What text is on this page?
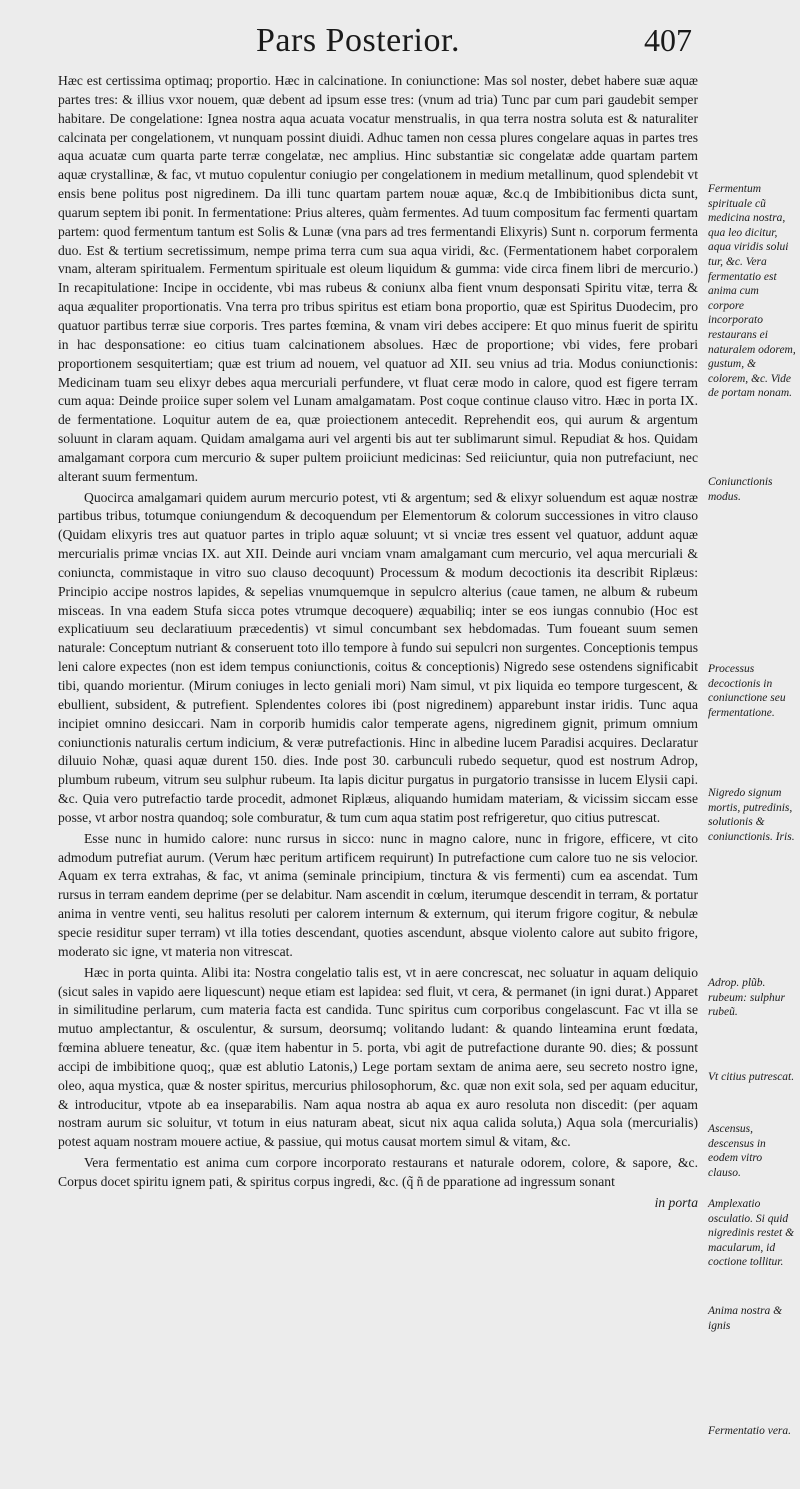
Pars Posterior.	407

Hæc est certissima optimaq; proportio. Hæc in calcinatione. In coniunctione: Mas sol noster, debet habere suæ aquæ partes tres: & illius vxor nouem, quæ debent ad ipsum esse tres: (vnum ad tria) Tunc par cum pari gaudebit semper habitare. De congelatione: Ignea nostra aqua acuata vocatur menstrualis, in qua terra nostra soluta est & naturaliter calcinata per congelationem, vt nunquam possint diuidi. Adhuc tamen non cessa plures congelare aquas in partes tres aqua acuatæ cum quarta parte terræ congelatæ, nec amplius. Hinc substantiæ sic congelatæ adde quartam partem aquæ crystallinæ, & fac, vt mutuo copulentur coniugio per congelationem in medium metallinum, quod splendebit vt ensis bene politus post nigredinem. Da illi tunc quartam partem nouæ aquæ, &c.q de Imbibitionibus dicta sunt, quarum septem ibi ponit. In fermentatione: Prius alteres, quàm fermentes. Ad tuum compositum fac fermenti quartam partem: quod fermentum tantum est Solis & Lunæ (vna pars ad tres fermentandi Elixyris) Sunt n. corporum fermenta duo. Est & tertium secretissimum, nempe prima terra cum sua aqua viridi, &c. (Fermentationem habet corporalem vnam, alteram spiritualem. Fermentum spirituale est oleum liquidum & gumma: vide circa finem libri de mercurio.) In recapitulatione: Incipe in occidente, vbi mas rubeus & coniunx alba fient vnum desponsati Spiritu vitæ, terra & aqua æqualiter proportionatis. Vna terra pro tribus spiritus est etiam bona proportio, quæ est Spiritus Duodecim, pro quatuor partibus terræ siue corporis. Tres partes fœmina, & vnam viri debes accipere: Et quo minus fuerit de spiritu in hac desponsatione: eo citius tuam calcinationem absolues. Hæc de proportione; vbi vides, fere probari proportionem sesquitertiam; quæ est trium ad nouem, vel quatuor ad XII. seu vnius ad tria. Modus coniunctionis: Medicinam tuam seu elixyr debes aqua mercuriali perfundere, vt fluat ceræ modo in calore, quod est figere terram cum aqua: Deinde proiice super solem vel Lunam amalgamatam. Post coque continue clauso vitro. Hæc in porta IX. de fermentatione. Loquitur autem de ea, quæ proiectionem antecedit. Reprehendit eos, qui aurum & argentum soluunt in claram aquam. Quidam amalgama auri vel argenti bis aut ter sublimarunt simul. Repudiat & hos. Quidam amalgamant corpora cum mercurio & super pultem proiiciunt medicinas: Sed reiiciuntur, quia non putrefaciunt, nec alterant suum fermentum.

Quocirca amalgamari quidem aurum mercurio potest, vti & argentum; sed & elixyr soluendum est aquæ nostræ partibus tribus, totumque coniungendum & decoquendum per Elementorum & colorum successiones in vitro clauso (Quidam elixyris tres aut quatuor partes in triplo aquæ soluunt; vt si vnciæ tres essent vel quatuor, addunt aquæ mercurialis primæ vncias IX. aut XII. Deinde auri vnciam vnam amalgamant cum mercurio, vel aqua mercuriali & coniuncta, commistaque in vitro suo clauso decoquunt) Processum & modum decoctionis ita describit Riplæus: Principio accipe nostros lapides, & sepelias vnumquemque in sepulcro alterius (caue tamen, ne album & rubeum misceas. In vna eadem Stufa sicca potes vtrumque decoquere) æquabiliq; inter se eos iungas connubio (Hoc est explicatiuum seu declaratiuum præcedentis) vt simul concumbant sex hebdomadas. Tum foueant suum semen naturale: Conceptum nutriant & conseruent toto illo tempore à fundo sui sepulcri non surgentes. Conceptionis tempus leni calore expectes (non est idem tempus coniunctionis, coitus & conceptionis) Nigredo sese ostendens significabit tibi, quando morientur. (Mirum coniuges in lecto geniali mori) Nam simul, vt pix liquida eo tempore turgescent, & ebullient, subsident, & putrefient. Splendentes colores ibi (post nigredinem) apparebunt instar iridis. Tunc aqua incipiet omnino desiccari. Nam in corporib humidis calor temperate agens, nigredinem gignit, primum omnium coniunctionis naturalis certum indicium, & veræ putrefactionis. Hinc in albedine lucem Paradisi acquires. Declaratur diluuio Nohæ, quasi aquæ durent 150. dies. Inde post 30. carbunculi rubedo sequetur, quod est nostrum Adrop, plumbum rubeum, vitrum seu sulphur rubeum. Ita lapis dicitur purgatus in purgatorio transisse in lucem Elysii capi. &c. Quia vero putrefactio tarde procedit, admonet Riplæus, aliquando humidam materiam, & vicissim siccam esse posse, vt arbor nostra quandoq; sole comburatur, & tum cum aqua statim post refrigeretur, quo citius putrescat.

Esse nunc in humido calore: nunc rursus in sicco: nunc in magno calore, nunc in frigore, efficere, vt cito admodum putrefiat aurum. (Verum hæc peritum artificem requirunt) In putrefactione cum calore tuo ne sis velocior. Aquam ex terra extrahas, & fac, vt anima (seminale principium, tinctura & vis fermenti) cum ea ascendat. Tum rursus in terram eandem deprime (per se delabitur. Nam ascendit in cœlum, iterumque descendit in terram, & portatur anima in ventre venti, seu halitus resoluti per calorem internum & externum, qui iterum frigore cogitur, & nebulæ specie residitur super terram) vt illa toties descendant, quoties ascendunt, absque violento calore aut subito frigore, moderato sic igne, vt materia non vitrescat.

Hæc in porta quinta. Alibi ita: Nostra congelatio talis est, vt in aere concrescat, nec soluatur in aquam deliquio (sicut sales in vapido aere liquescunt) neque etiam est lapidea: sed fluit, vt cera, & permanet (in igni durat.) Apparet in similitudine perlarum, cum materia facta est candida. Tunc spiritus cum corporibus congelascunt. Fac vt illa se mutuo amplectantur, & osculentur, & sursum, deorsumq; volitando ludant: & quando linteamina erunt fœdata, fœmina abluere teneatur, &c. (quæ item habentur in 5. porta, vbi agit de putrefactione durante 90. dies; & possunt accipi de imbibitione quoq;, quæ est ablutio Latonis,) Lege portam sextam de anima aere, seu secreto nostro igne, oleo, aqua mystica, quæ & noster spiritus, mercurius philosophorum, &c. quæ non exit sola, sed per aquam educitur, & introducitur, vtpote ab ea inseparabilis. Nam aqua nostra ab aqua ex auro resoluta non discedit: (per aquam nostram aurum sic soluitur, vt totum in eius naturam abeat, sicut nix aqua calida soluta,) Aqua sola (mercurialis) potest aquam nostram mouere actiue, & passiue, qui motus causat mortem simul & vitam, &c.

Vera fermentatio est anima cum corpore incorporato restaurans et naturale odorem, colore, & sapore, &c. Corpus docet spiritu ignem pati, & spiritus corpus ingredi, &c. (q̃ ñ de pparatione ad ingressum sonant

in porta
Fermentum spirituale cũ medicina nostra, qua leo dicitur, aqua viridis solui tur, &c. Vera fermentatio est anima cum corpore incorporato restaurans ei naturalem odorem, gustum, & colorem, &c. Vide de portam nonam.
Coniunctionis modus.
Processus decoctionis in coniunctione seu fermentatione.
Nigredo signum mortis, putredinis, solutionis & coniunctionis. Iris.
Adrop. plũb. rubeum: sulphur rubeũ.
Vt citius putrescat.
Ascensus, descensus in eodem vitro clauso.
Amplexatio osculatio. Si quid nigredinis restet & macularum, id coctione tollitur.
Anima nostra & ignis
Fermentatio vera.
